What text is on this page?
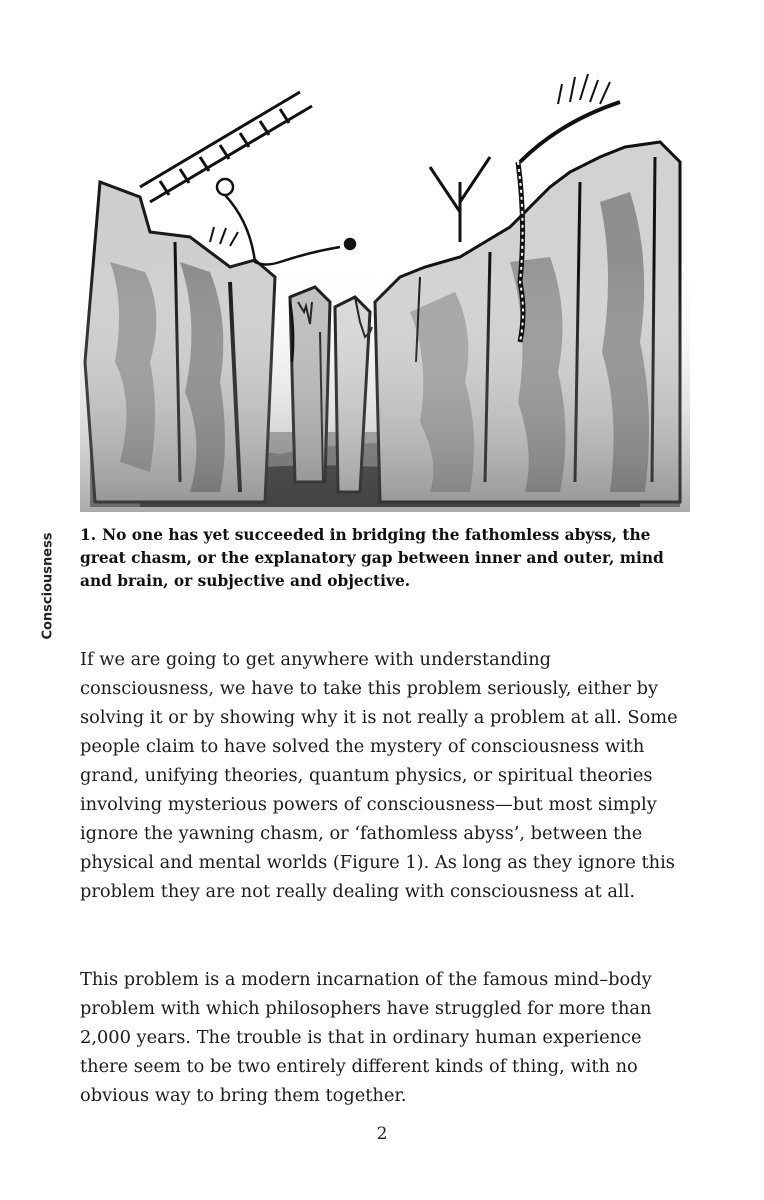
Consciousness 1. No one has yet succeeded in bridging the fathomless abyss, the great chasm, or the explanatory gap between inner and outer, mind and brain, or subjective and objective.

If we are going to get anywhere with understanding consciousness, we have to take this problem seriously, either by solving it or by showing why it is not really a problem at all. Some people claim to have solved the mystery of consciousness with grand, unifying theories, quantum physics, or spiritual theories involving mysterious powers of consciousness—but most simply ignore the yawning chasm, or ‘fathomless abyss’, between the physical and mental worlds (Figure 1). As long as they ignore this problem they are not really dealing with consciousness at all.

This problem is a modern incarnation of the famous mind–body problem with which philosophers have struggled for more than 2,000 years. The trouble is that in ordinary human experience there seem to be two entirely different kinds of thing, with no obvious way to bring them together.

2
